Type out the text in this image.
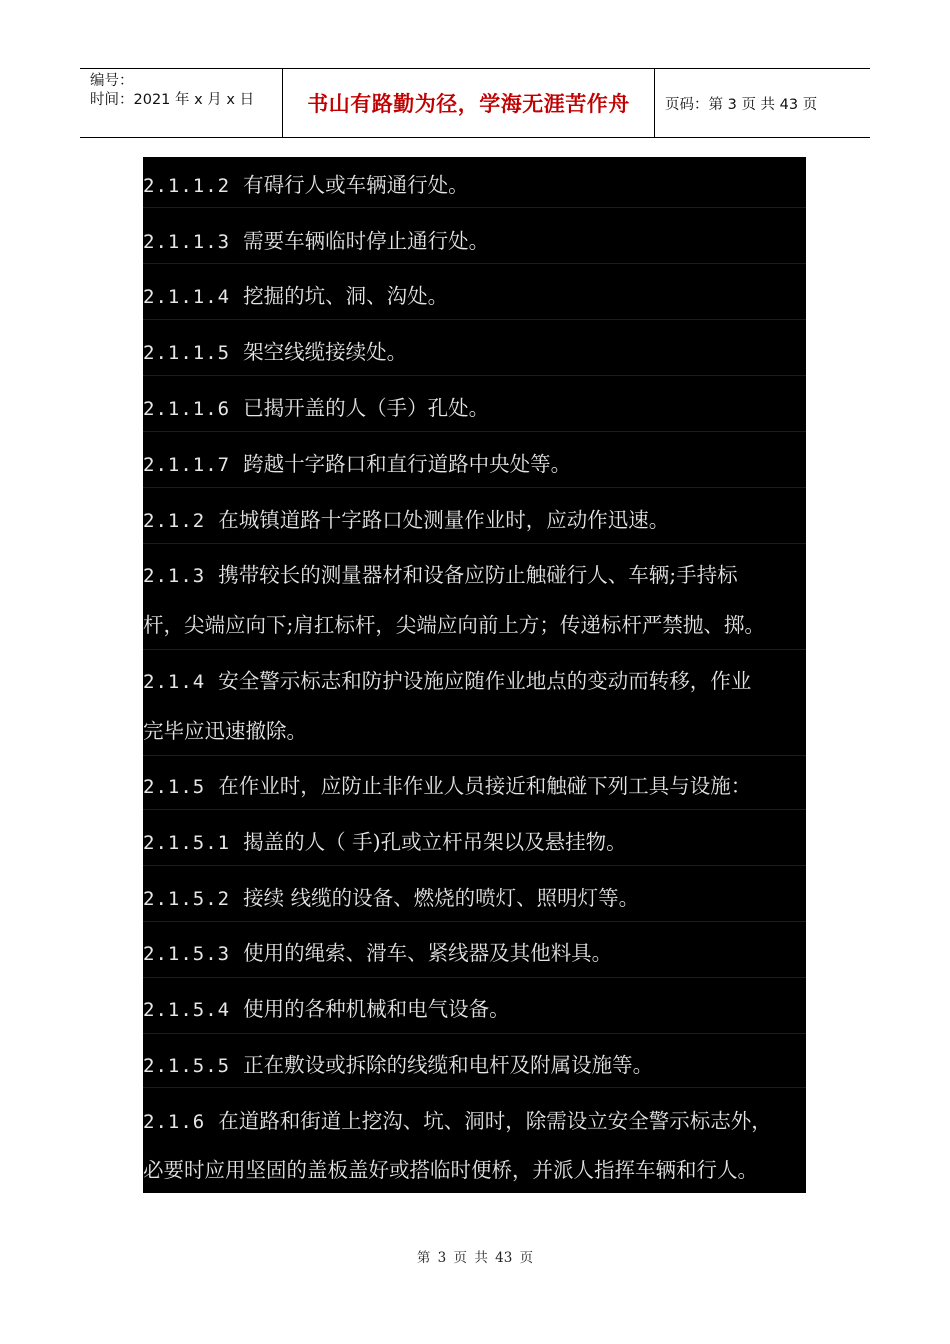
编号：
时间：2021 年 x 月 x 日	书山有路勤为径，学海无涯苦作舟	页码：第 3 页 共 43 页
2.1.1.2 有碍行人或车辆通行处。
2.1.1.3 需要车辆临时停止通行处。
2.1.1.4 挖掘的坑、洞、沟处。
2.1.1.5 架空线缆接续处。
2.1.1.6 已揭开盖的人（手）孔处。
2.1.1.7 跨越十字路口和直行道路中央处等。
2.1.2 在城镇道路十字路口处测量作业时，应动作迅速。
2.1.3 携带较长的测量器材和设备应防止触碰行人、车辆;手持标
杆，尖端应向下;肩扛标杆，尖端应向前上方；传递标杆严禁抛、掷。
2.1.4 安全警示标志和防护设施应随作业地点的变动而转移，作业
完毕应迅速撤除。
2.1.5 在作业时，应防止非作业人员接近和触碰下列工具与设施：
2.1.5.1 揭盖的人（ 手)孔或立杆吊架以及悬挂物。
2.1.5.2 接续 线缆的设备、燃烧的喷灯、照明灯等。
2.1.5.3 使用的绳索、滑车、紧线器及其他料具。
2.1.5.4 使用的各种机械和电气设备。
2.1.5.5 正在敷设或拆除的线缆和电杆及附属设施等。
2.1.6 在道路和街道上挖沟、坑、洞时，除需设立安全警示标志外，
必要时应用坚固的盖板盖好或搭临时便桥，并派人指挥车辆和行人。
第 3 页 共 43 页
